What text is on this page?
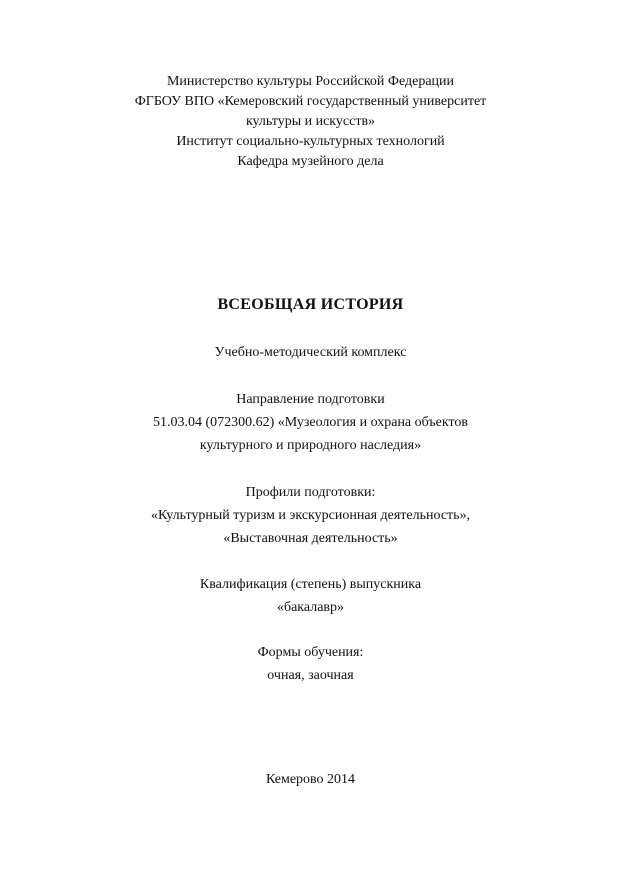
Министерство культуры Российской Федерации
ФГБОУ ВПО «Кемеровский государственный университет
культуры и искусств»
Институт социально-культурных технологий
Кафедра музейного дела
ВСЕОБЩАЯ ИСТОРИЯ
Учебно-методический комплекс
Направление подготовки
51.03.04 (072300.62) «Музеология и охрана объектов
культурного и природного наследия»
Профили подготовки:
«Культурный туризм и экскурсионная деятельность»,
«Выставочная деятельность»
Квалификация (степень) выпускника
«бакалавр»
Формы обучения:
очная, заочная
Кемерово 2014
